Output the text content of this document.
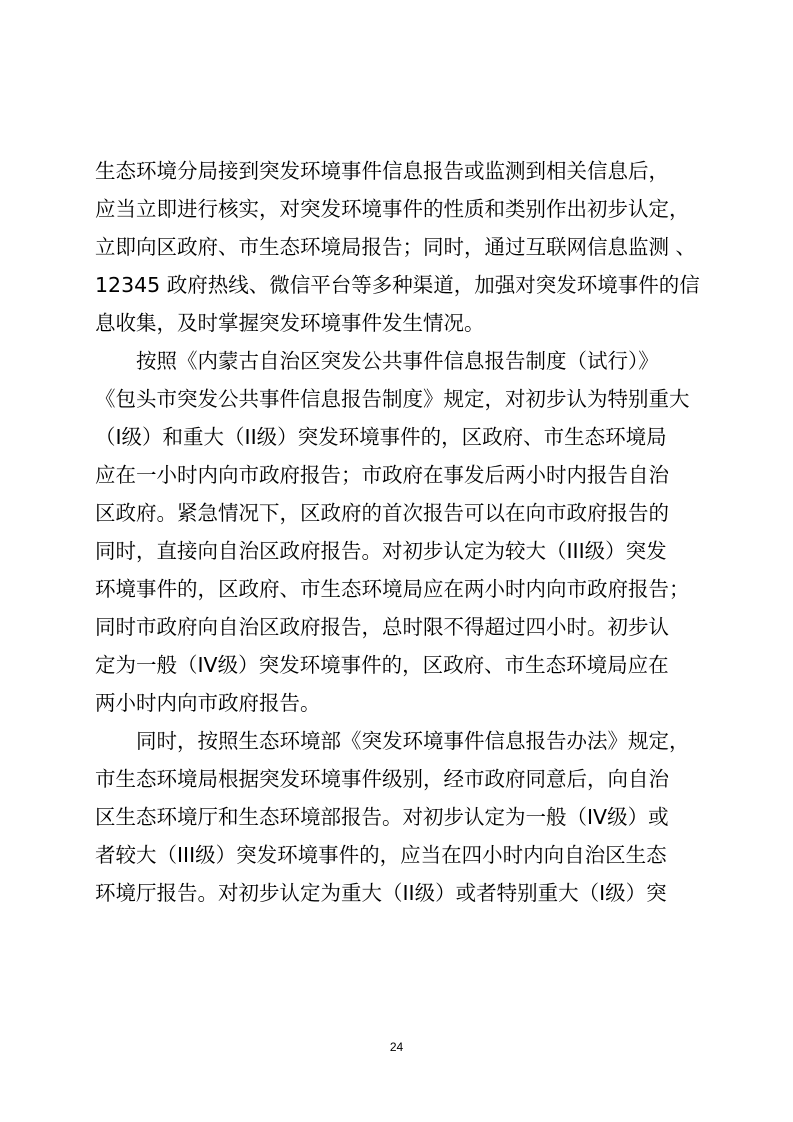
生态环境分局接到突发环境事件信息报告或监测到相关信息后，
应当立即进行核实，对突发环境事件的性质和类别作出初步认定，
立即向区政府、市生态环境局报告；同时，通过互联网信息监测 、
12345 政府热线、微信平台等多种渠道，加强对突发环境事件的信
息收集，及时掌握突发环境事件发生情况。
按照《内蒙古自治区突发公共事件信息报告制度（试行）》
《包头市突发公共事件信息报告制度》规定，对初步认为特别重大
（I级）和重大（II级）突发环境事件的，区政府、市生态环境局
应在一小时内向市政府报告；市政府在事发后两小时内报告自治
区政府。紧急情况下，区政府的首次报告可以在向市政府报告的
同时，直接向自治区政府报告。对初步认定为较大（III级）突发
环境事件的，区政府、市生态环境局应在两小时内向市政府报告；
同时市政府向自治区政府报告，总时限不得超过四小时。初步认
定为一般（IV级）突发环境事件的，区政府、市生态环境局应在
两小时内向市政府报告。
同时，按照生态环境部《突发环境事件信息报告办法》规定，
市生态环境局根据突发环境事件级别，经市政府同意后，向自治
区生态环境厅和生态环境部报告。对初步认定为一般（IV级）或
者较大（III级）突发环境事件的，应当在四小时内向自治区生态
环境厅报告。对初步认定为重大（II级）或者特别重大（I级）突
24
